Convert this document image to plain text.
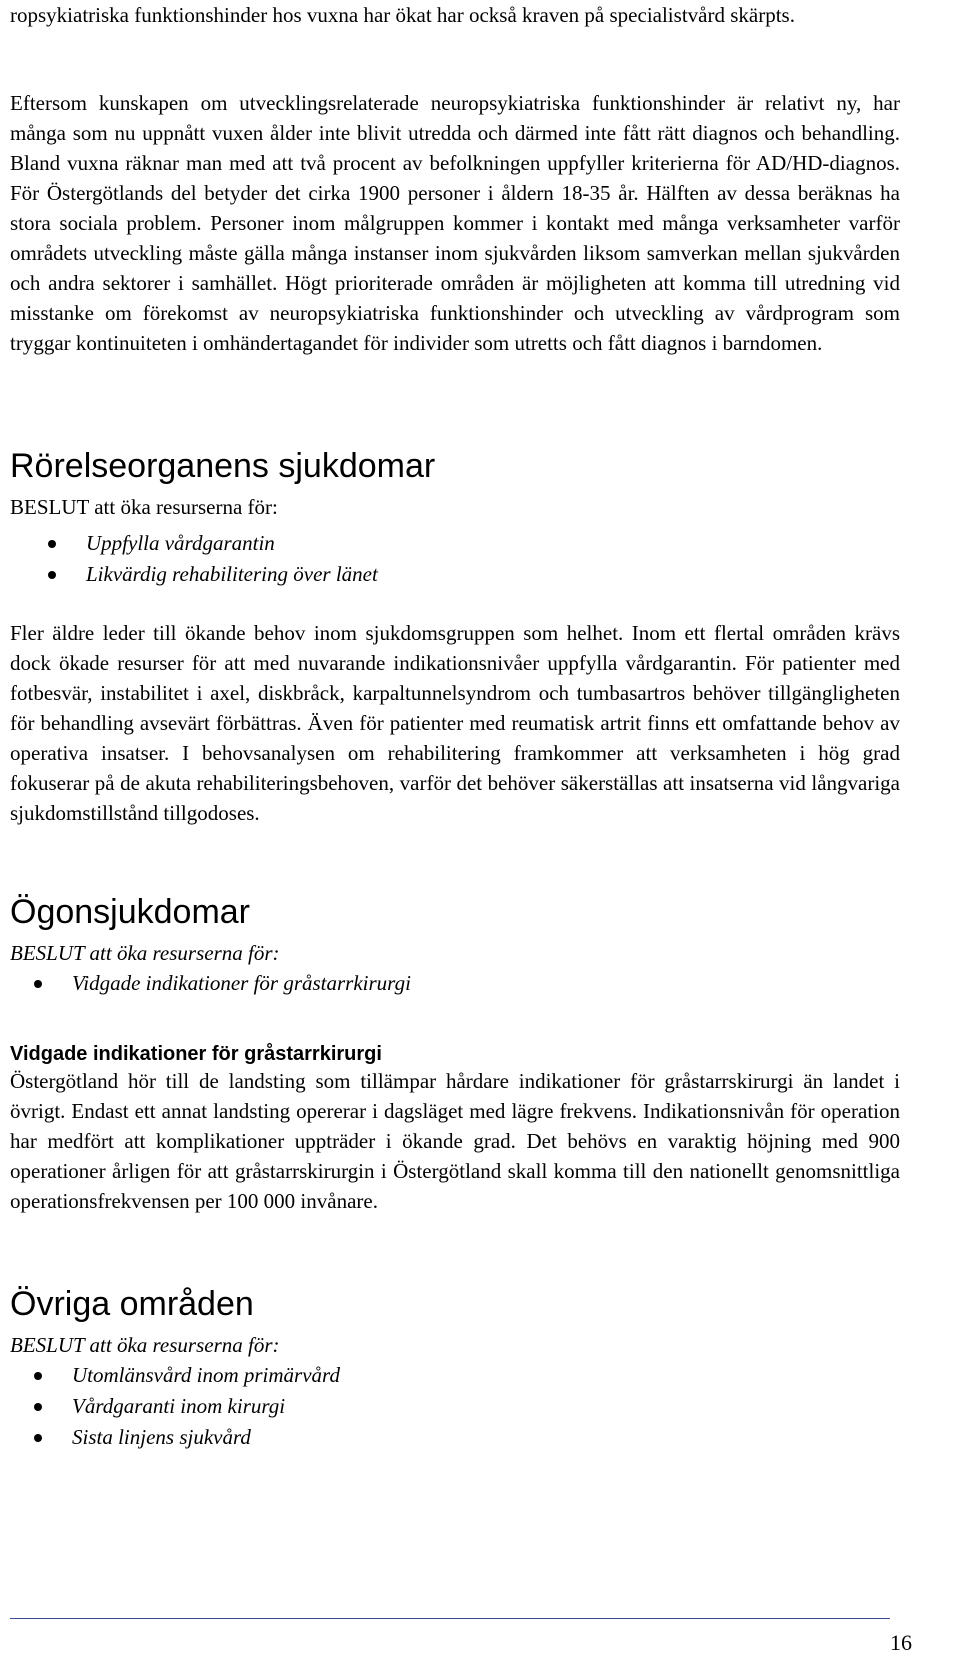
ropsykiatriska funktionshinder hos vuxna har ökat har också kraven på specialistvård skärpts.

Eftersom kunskapen om utvecklingsrelaterade neuropsykiatriska funktionshinder är relativt ny, har många som nu uppnått vuxen ålder inte blivit utredda och därmed inte fått rätt diagnos och behandling. Bland vuxna räknar man med att två procent av befolkningen uppfyller kriterierna för AD/HD-diagnos. För Östergötlands del betyder det cirka 1900 personer i åldern 18-35 år. Hälften av dessa beräknas ha stora sociala problem. Personer inom målgruppen kommer i kontakt med många verksamheter varför områdets utveckling måste gälla många instanser inom sjukvården liksom samverkan mellan sjukvården och andra sektorer i samhället. Högt prioriterade områden är möjligheten att komma till utredning vid misstanke om förekomst av neuropsykiatriska funktionshinder och utveckling av vårdprogram som tryggar kontinuiteten i omhändertagandet för individer som utretts och fått diagnos i barndomen.

Rörelseorganens sjukdomar

BESLUT att öka resurserna för:

Uppfylla vårdgarantin
Likvärdig rehabilitering över länet

Fler äldre leder till ökande behov inom sjukdomsgruppen som helhet. Inom ett flertal områden krävs dock ökade resurser för att med nuvarande indikationsnivåer uppfylla vårdgarantin. För patienter med fotbesvär, instabilitet i axel, diskbråck, karpaltunnelsyndrom och tumbasartros behöver tillgängligheten för behandling avsevärt förbättras. Även för patienter med reumatisk artrit finns ett omfattande behov av operativa insatser. I behovsanalysen om rehabilitering framkommer att verksamheten i hög grad fokuserar på de akuta rehabiliteringsbehoven, varför det behöver säkerställas att insatserna vid långvariga sjukdomstillstånd tillgodoses.

Ögonsjukdomar

BESLUT att öka resurserna för:

Vidgade indikationer för gråstarrkirurgi
Vidgade indikationer för gråstarrkirurgi

Östergötland hör till de landsting som tillämpar hårdare indikationer för gråstarrskirurgi än landet i övrigt. Endast ett annat landsting opererar i dagsläget med lägre frekvens. Indikationsnivån för operation har medfört att komplikationer uppträder i ökande grad. Det behövs en varaktig höjning med 900 operationer årligen för att gråstarrskirurgin i Östergötland skall komma till den nationellt genomsnittliga operationsfrekvensen per 100 000 invånare.

Övriga områden

BESLUT att öka resurserna för:

Utomlänsvård inom primärvård
Vårdgaranti inom kirurgi
Sista linjens sjukvård
16
